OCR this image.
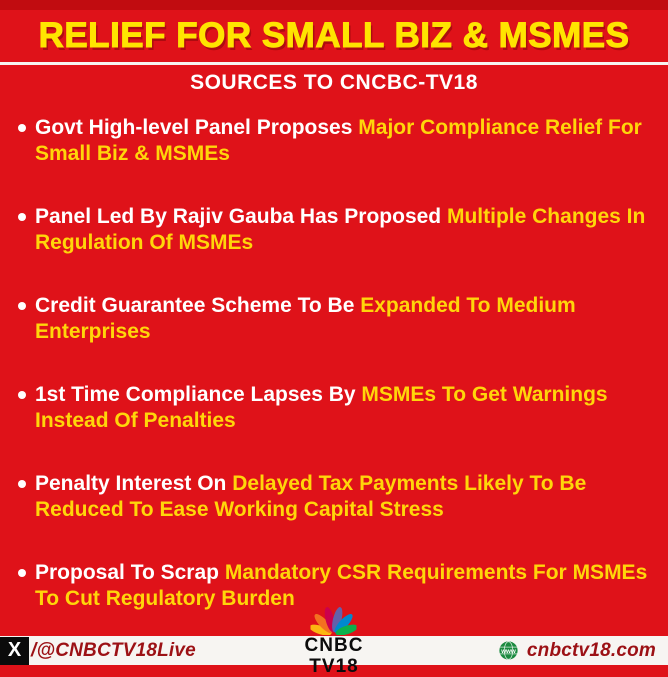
RELIEF FOR SMALL BIZ & MSMES
SOURCES TO CNCBC-TV18
Govt High-level Panel Proposes Major Compliance Relief For Small Biz & MSMEs
Panel Led By Rajiv Gauba Has Proposed Multiple Changes In Regulation Of MSMEs
Credit Guarantee Scheme To Be Expanded To Medium Enterprises
1st Time Compliance Lapses By MSMEs To Get Warnings Instead Of Penalties
Penalty Interest On Delayed Tax Payments Likely To Be Reduced To Ease Working Capital Stress
Proposal To Scrap Mandatory CSR Requirements For MSMEs To Cut Regulatory Burden
X /@CNBCTV18Live	www cnbctv18.com
CNBC
TV18
